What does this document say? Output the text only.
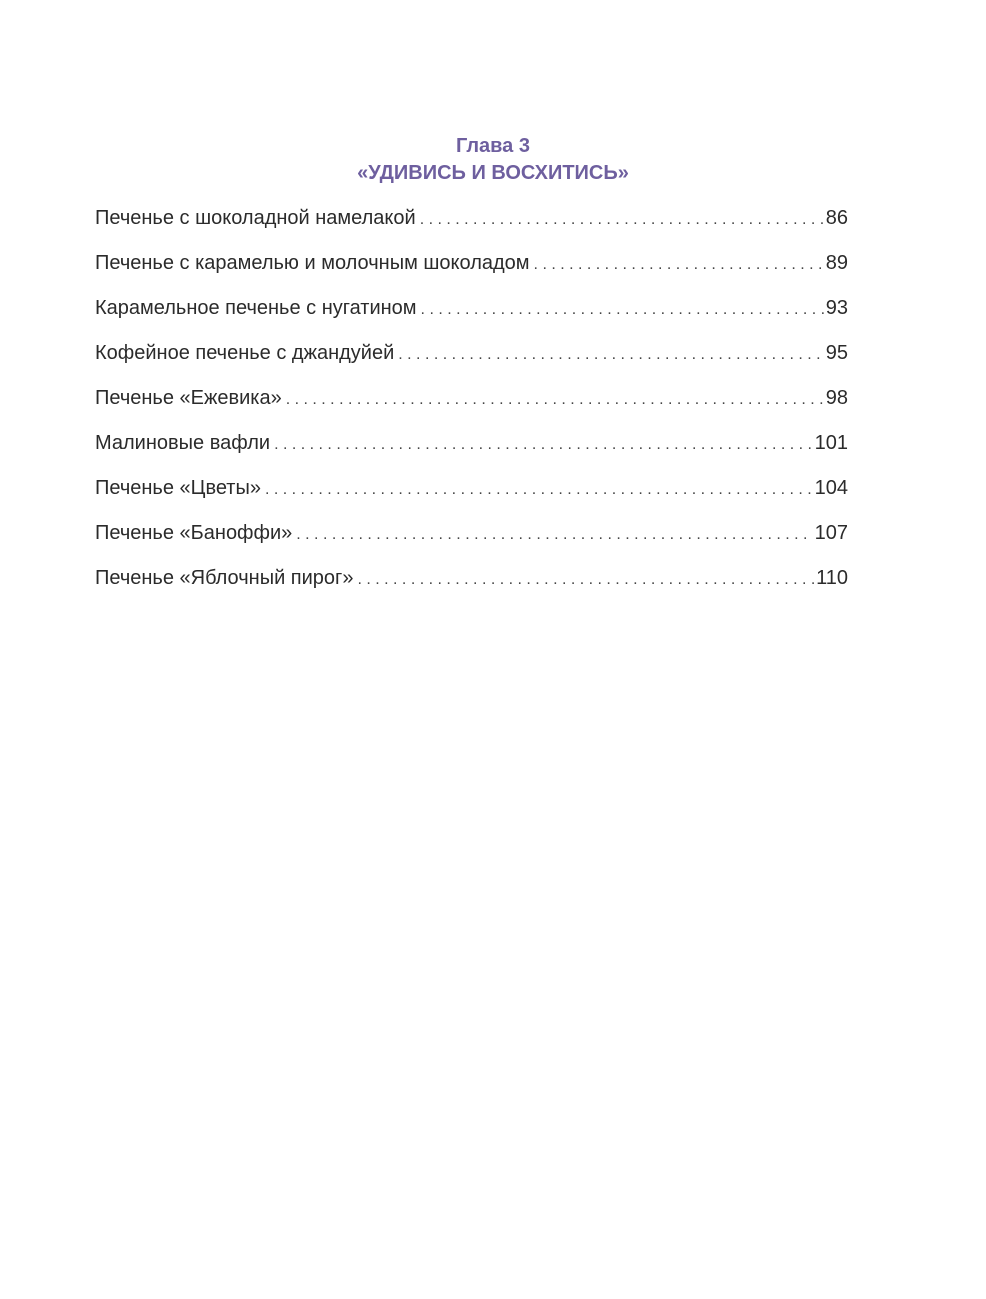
Глава 3
«УДИВИСЬ И ВОСХИТИСЬ»
Печенье с шоколадной намелакой . . .	86
Печенье с карамелью и молочным шоколадом . . .	89
Карамельное печенье с нугатином . . .	93
Кофейное печенье с джандуйей . . .	95
Печенье «Ежевика» . . .	98
Малиновые вафли . . .	101
Печенье «Цветы» . . .	104
Печенье «Баноффи» . . .	107
Печенье «Яблочный пирог» . . .	110
